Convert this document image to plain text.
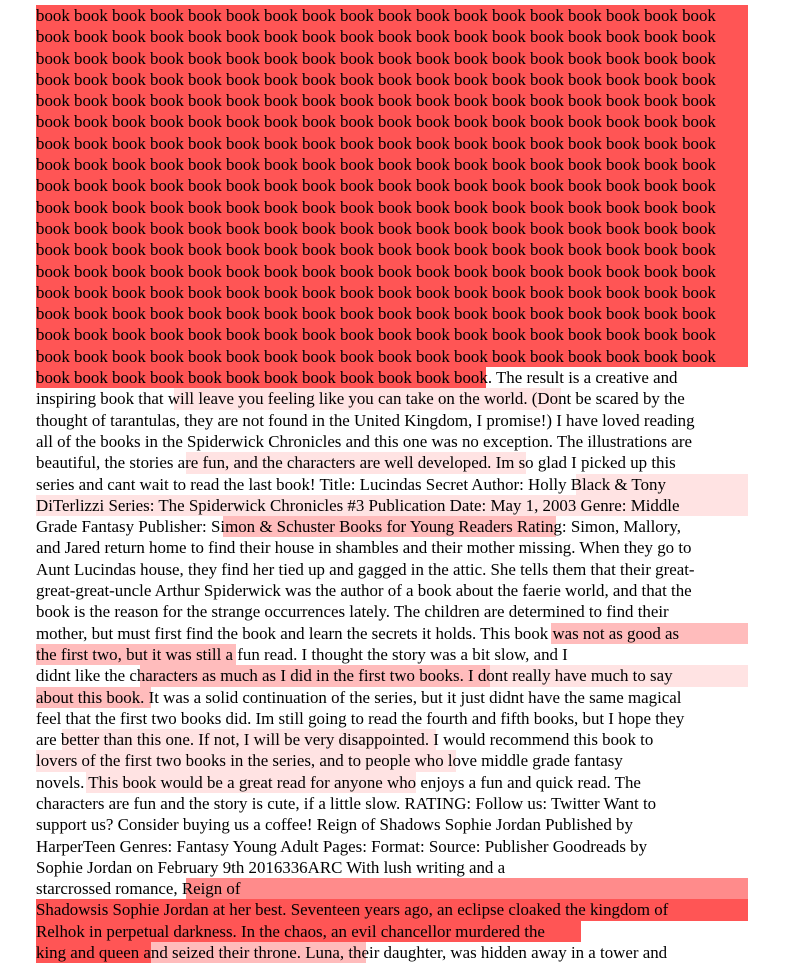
book book book book book book book book book book book book book book book book book book
book book book book book book book book book book book book book book book book book book
book book book book book book book book book book book book book book book book book book
book book book book book book book book book book book book book book book book book book
book book book book book book book book book book book book book book book book book book
book book book book book book book book book book book book book book book book book book
book book book book book book book book book book book book book book book book book book
book book book book book book book book book book book book book book book book book book
book book book book book book book book book book book book book book book book book book
book book book book book book book book book book book book book book book book book book
book book book book book book book book book book book book book book book book book book
book book book book book book book book book book book book book book book book book book
book book book book book book book book book book book book book book book book book book
book book book book book book book book book book book book book book book book book book
book book book book book book book book book book book book book book book book book book
book book book book book book book book book book book book book book book book book book
book book book book book book book book book book book book book book book book book book
book book book book book book book book book book book book. The result is a creative and
inspiring book that will leave you feeling like you can take on the world. (Dont be scared by the
thought of tarantulas, they are not found in the United Kingdom, I promise!) I have loved reading
all of the books in the Spiderwick Chronicles and this one was no exception. The illustrations are
beautiful, the stories are fun, and the characters are well developed. Im so glad I picked up this
series and cant wait to read the last book! Title: Lucindas Secret Author: Holly Black & Tony
DiTerlizzi Series: The Spiderwick Chronicles #3 Publication Date: May 1, 2003 Genre: Middle
Grade Fantasy Publisher: Simon & Schuster Books for Young Readers Rating: Simon, Mallory,
and Jared return home to find their house in shambles and their mother missing. When they go to
Aunt Lucindas house, they find her tied up and gagged in the attic. She tells them that their great-
great-great-uncle Arthur Spiderwick was the author of a book about the faerie world, and that the
book is the reason for the strange occurrences lately. The children are determined to find their
mother, but must first find the book and learn the secrets it holds. This book was not as good as
the first two, but it was still a fun read. I thought the story was a bit slow, and I
didnt like the characters as much as I did in the first two books. I dont really have much to say
about this book. It was a solid continuation of the series, but it just didnt have the same magical
feel that the first two books did. Im still going to read the fourth and fifth books, but I hope they
are better than this one. If not, I will be very disappointed. I would recommend this book to
lovers of the first two books in the series, and to people who love middle grade fantasy
novels. This book would be a great read for anyone who enjoys a fun and quick read. The
characters are fun and the story is cute, if a little slow. RATING: Follow us: Twitter Want to
support us? Consider buying us a coffee! Reign of Shadows Sophie Jordan Published by
HarperTeen Genres: Fantasy Young Adult Pages: Format: Source: Publisher Goodreads by
Sophie Jordan on February 9th 2016336ARC With lush writing and a
starcrossed romance, Reign of
Shadowsis Sophie Jordan at her best. Seventeen years ago, an eclipse cloaked the kingdom of
Relhok in perpetual darkness. In the chaos, an evil chancellor murdered the
king and queen and seized their throne. Luna, their daughter, was hidden away in a tower and
